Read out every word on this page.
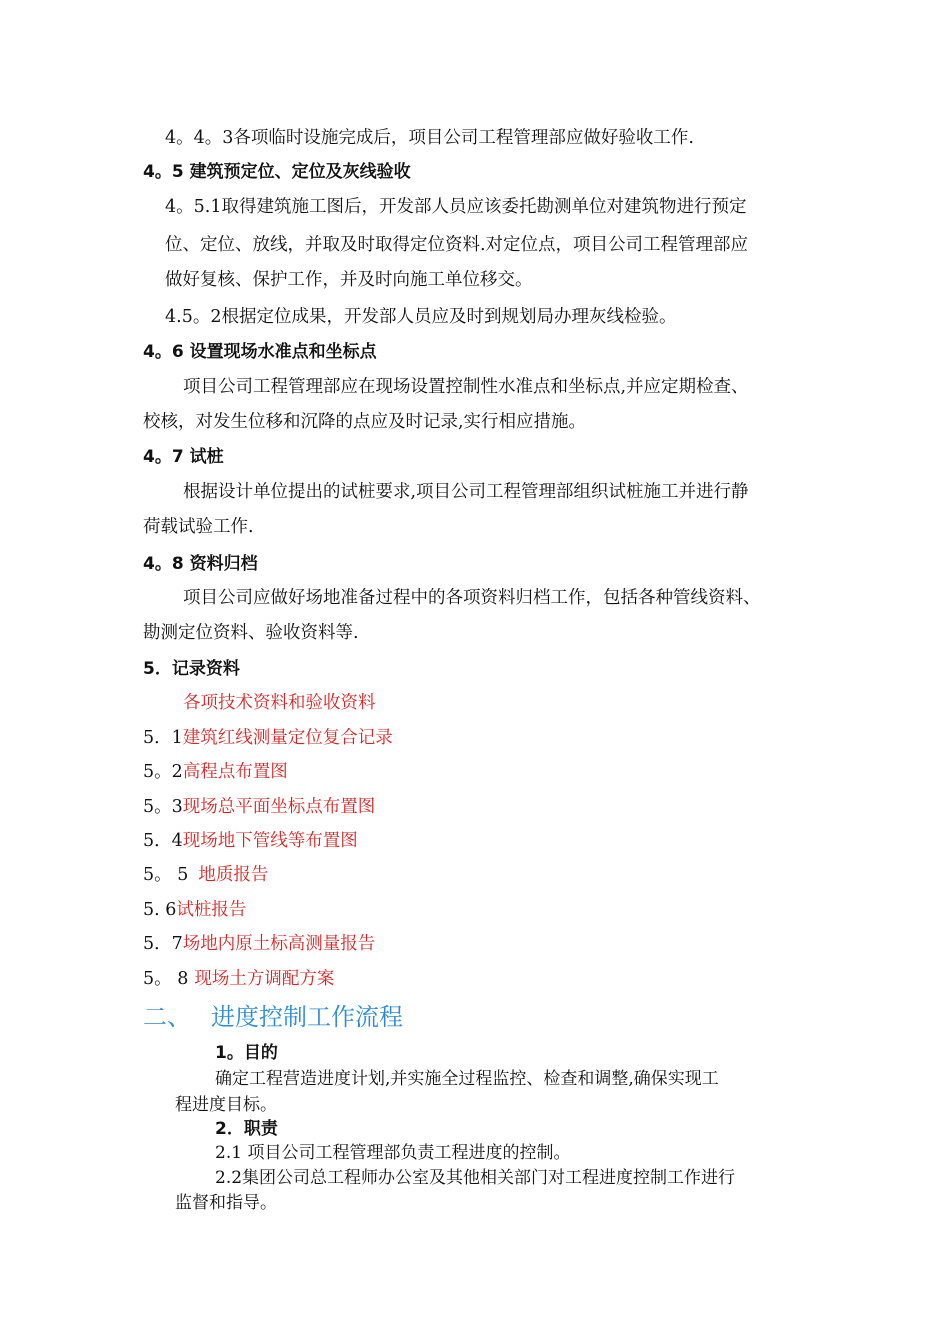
4。4。3各项临时设施完成后，项目公司工程管理部应做好验收工作.
4。5 建筑预定位、定位及灰线验收
4。5.1取得建筑施工图后，开发部人员应该委托勘测单位对建筑物进行预定
位、定位、放线，并取及时取得定位资料.对定位点，项目公司工程管理部应
做好复核、保护工作，并及时向施工单位移交。
4.5。2根据定位成果，开发部人员应及时到规划局办理灰线检验。
4。6 设置现场水准点和坐标点
项目公司工程管理部应在现场设置控制性水准点和坐标点,并应定期检查、
校核，对发生位移和沉降的点应及时记录,实行相应措施。
4。7 试桩
根据设计单位提出的试桩要求,项目公司工程管理部组织试桩施工并进行静
荷载试验工作.
4。8 资料归档
项目公司应做好场地准备过程中的各项资料归档工作，包括各种管线资料、
勘测定位资料、验收资料等.
5．记录资料
各项技术资料和验收资料
5．1建筑红线测量定位复合记录
5。2高程点布置图
5。3现场总平面坐标点布置图
5．4现场地下管线等布置图
5。 5 地质报告
5. 6试桩报告
5．7场地内原土标高测量报告
5。 8 现场土方调配方案
二、 进度控制工作流程
1。目的
确定工程营造进度计划,并实施全过程监控、检查和调整,确保实现工
程进度目标。
2．职责
2.1 项目公司工程管理部负责工程进度的控制。
2.2集团公司总工程师办公室及其他相关部门对工程进度控制工作进行
监督和指导。
